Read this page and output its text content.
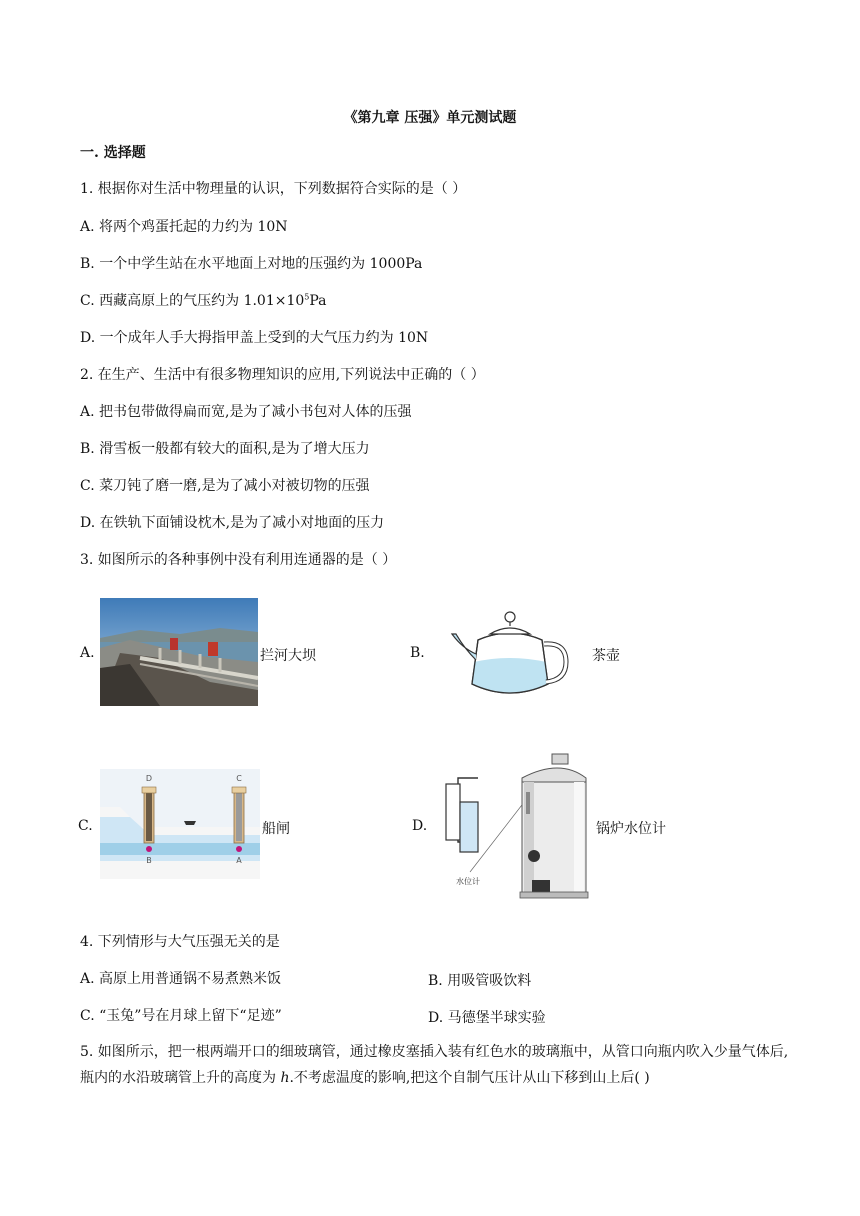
《第九章 压强》单元测试题
一. 选择题
1. 根据你对生活中物理量的认识，下列数据符合实际的是（ ）
A. 将两个鸡蛋托起的力约为 10N
B. 一个中学生站在水平地面上对地的压强约为 1000Pa
C. 西藏高原上的气压约为 $1.01\times 10^5Pa$
D. 一个成年人手大拇指甲盖上受到的大气压力约为 10N
2. 在生产、生活中有很多物理知识的应用,下列说法中正确的（ ）
A. 把书包带做得扁而宽,是为了减小书包对人体的压强
B. 滑雪板一般都有较大的面积,是为了增大压力
C. 菜刀钝了磨一磨,是为了减小对被切物的压强
D. 在铁轨下面铺设枕木,是为了减小对地面的压力
3. 如图所示的各种事例中没有利用连通器的是（ ）
A.	拦河大坝	B.	茶壶
C.
D	C
B	A
船闸	D.
水位计
锅炉水位计
4. 下列情形与大气压强无关的是
A. 高原上用普通锅不易煮熟米饭	B. 用吸管吸饮料
C. “玉兔”号在月球上留下“足迹”	D. 马德堡半球实验
5. 如图所示，把一根两端开口的细玻璃管，通过橡皮塞插入装有红色水的玻璃瓶中，从管口向瓶内吹入少量气体后,瓶内的水沿玻璃管上升的高度为 h.不考虑温度的影响,把这个自制气压计从山下移到山上后( )
